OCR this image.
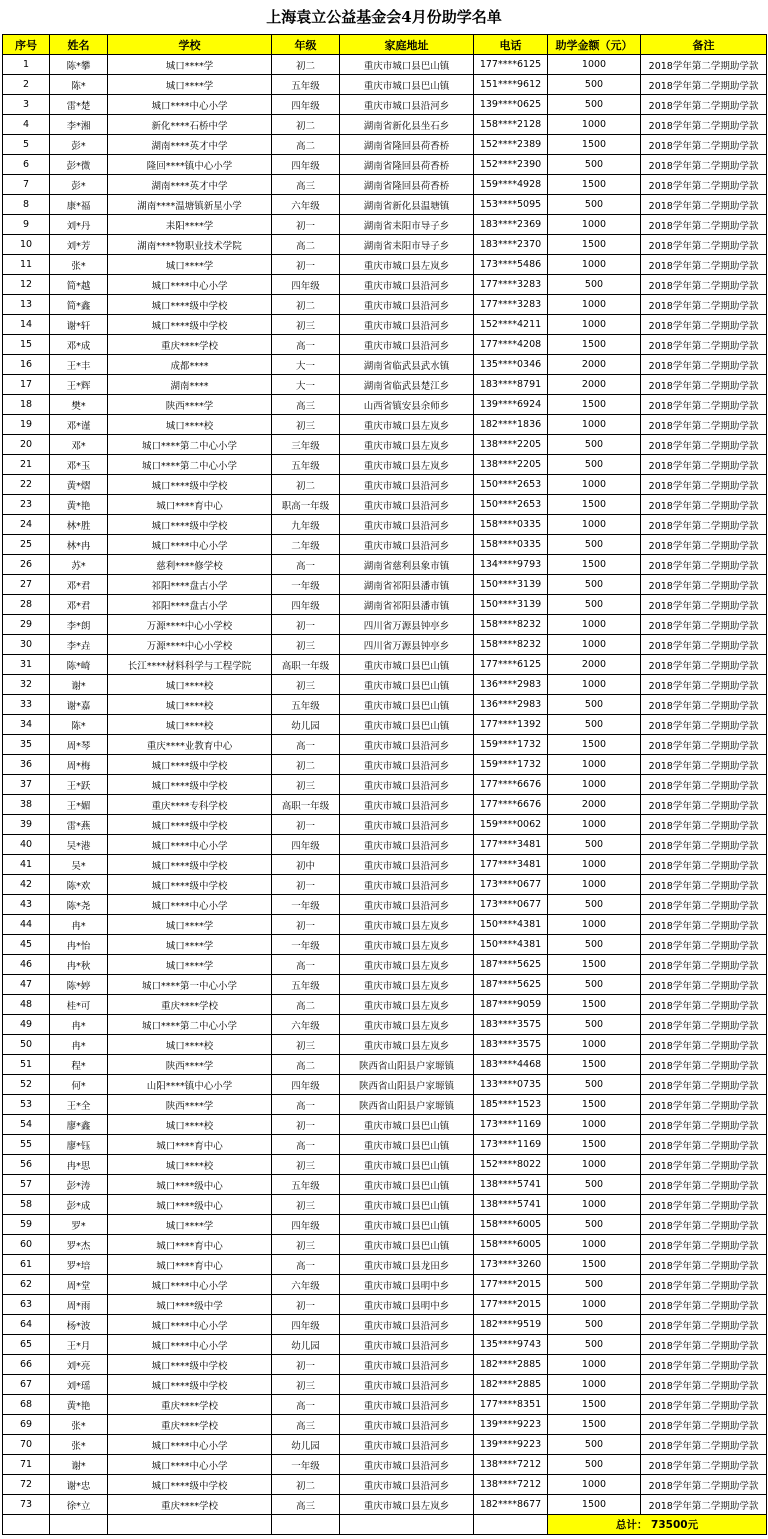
上海袁立公益基金会4月份助学名单
序号	姓名	学校	年级	家庭地址	电话	助学金额（元）	备注
1	陈*攀	城口****学	初二	重庆市城口县巴山镇	177****6125	1000	2018学年第二学期助学款
2	陈*	城口****学	五年级	重庆市城口县巴山镇	151****9612	500	2018学年第二学期助学款
3	雷*楚	城口****中心小学	四年级	重庆市城口县沿河乡	139****0625	500	2018学年第二学期助学款
4	李*湘	新化****石桥中学	初二	湖南省新化县坐石乡	158****2128	1000	2018学年第二学期助学款
5	彭*	湖南****英才中学	高二	湖南省隆回县荷香桥	152****2389	1500	2018学年第二学期助学款
6	彭*微	隆回****镇中心小学	四年级	湖南省隆回县荷香桥	152****2390	500	2018学年第二学期助学款
7	彭*	湖南****英才中学	高三	湖南省隆回县荷香桥	159****4928	1500	2018学年第二学期助学款
8	康*福	湖南****温塘镇新星小学	六年级	湖南省新化县温塘镇	153****5095	500	2018学年第二学期助学款
9	刘*丹	耒阳****学	初一	湖南省耒阳市导子乡	183****2369	1000	2018学年第二学期助学款
10	刘*芳	湖南****物职业技术学院	高二	湖南省耒阳市导子乡	183****2370	1500	2018学年第二学期助学款
11	张*	城口****学	初一	重庆市城口县左岚乡	173****5486	1000	2018学年第二学期助学款
12	简*越	城口****中心小学	四年级	重庆市城口县沿河乡	177****3283	500	2018学年第二学期助学款
13	简*鑫	城口****级中学校	初二	重庆市城口县沿河乡	177****3283	1000	2018学年第二学期助学款
14	谢*轩	城口****级中学校	初三	重庆市城口县沿河乡	152****4211	1000	2018学年第二学期助学款
15	邓*成	重庆****学校	高一	重庆市城口县沿河乡	177****4208	1500	2018学年第二学期助学款
16	王*丰	成都****	大一	湖南省临武县武水镇	135****0346	2000	2018学年第二学期助学款
17	王*辉	湖南****	大一	湖南省临武县楚江乡	183****8791	2000	2018学年第二学期助学款
18	樊*	陕西****学	高三	山西省镇安县余师乡	139****6924	1500	2018学年第二学期助学款
19	邓*谨	城口****校	初三	重庆市城口县左岚乡	182****1836	1000	2018学年第二学期助学款
20	邓*	城口****第二中心小学	三年级	重庆市城口县左岚乡	138****2205	500	2018学年第二学期助学款
21	邓*玉	城口****第二中心小学	五年级	重庆市城口县左岚乡	138****2205	500	2018学年第二学期助学款
22	黄*熠	城口****级中学校	初二	重庆市城口县沿河乡	150****2653	1000	2018学年第二学期助学款
23	黄*艳	城口****育中心	职高一年级	重庆市城口县沿河乡	150****2653	1500	2018学年第二学期助学款
24	林*胜	城口****级中学校	九年级	重庆市城口县沿河乡	158****0335	1000	2018学年第二学期助学款
25	林*冉	城口****中心小学	二年级	重庆市城口县沿河乡	158****0335	500	2018学年第二学期助学款
26	苏*	慈利****修学校	高一	湖南省慈利县象市镇	134****9793	1500	2018学年第二学期助学款
27	邓*君	祁阳****盘古小学	一年级	湖南省祁阳县潘市镇	150****3139	500	2018学年第二学期助学款
28	邓*君	祁阳****盘古小学	四年级	湖南省祁阳县潘市镇	150****3139	500	2018学年第二学期助学款
29	李*朗	万源****中心小学校	初一	四川省万源县钟亭乡	158****8232	1000	2018学年第二学期助学款
30	李*垚	万源****中心小学校	初三	四川省万源县钟亭乡	158****8232	1000	2018学年第二学期助学款
31	陈*崎	长江****材料科学与工程学院	高职一年级	重庆市城口县巴山镇	177****6125	2000	2018学年第二学期助学款
32	谢*	城口****校	初三	重庆市城口县巴山镇	136****2983	1000	2018学年第二学期助学款
33	谢*嘉	城口****校	五年级	重庆市城口县巴山镇	136****2983	500	2018学年第二学期助学款
34	陈*	城口****校	幼儿园	重庆市城口县巴山镇	177****1392	500	2018学年第二学期助学款
35	周*琴	重庆****业教育中心	高一	重庆市城口县沿河乡	159****1732	1500	2018学年第二学期助学款
36	周*梅	城口****级中学校	初二	重庆市城口县沿河乡	159****1732	1000	2018学年第二学期助学款
37	王*跃	城口****级中学校	初三	重庆市城口县沿河乡	177****6676	1000	2018学年第二学期助学款
38	王*媚	重庆****专科学校	高职一年级	重庆市城口县沿河乡	177****6676	2000	2018学年第二学期助学款
39	雷*燕	城口****级中学校	初一	重庆市城口县沿河乡	159****0062	1000	2018学年第二学期助学款
40	吴*港	城口****中心小学	四年级	重庆市城口县沿河乡	177****3481	500	2018学年第二学期助学款
41	吴*	城口****级中学校	初中	重庆市城口县沿河乡	177****3481	1000	2018学年第二学期助学款
42	陈*欢	城口****级中学校	初一	重庆市城口县沿河乡	173****0677	1000	2018学年第二学期助学款
43	陈*尧	城口****中心小学	一年级	重庆市城口县沿河乡	173****0677	500	2018学年第二学期助学款
44	冉*	城口****学	初一	重庆市城口县左岚乡	150****4381	1000	2018学年第二学期助学款
45	冉*怡	城口****学	一年级	重庆市城口县左岚乡	150****4381	500	2018学年第二学期助学款
46	冉*秋	城口****学	高一	重庆市城口县左岚乡	187****5625	1500	2018学年第二学期助学款
47	陈*婷	城口****第一中心小学	五年级	重庆市城口县左岚乡	187****5625	500	2018学年第二学期助学款
48	桂*可	重庆****学校	高二	重庆市城口县左岚乡	187****9059	1500	2018学年第二学期助学款
49	冉*	城口****第二中心小学	六年级	重庆市城口县左岚乡	183****3575	500	2018学年第二学期助学款
50	冉*	城口****校	初三	重庆市城口县左岚乡	183****3575	1000	2018学年第二学期助学款
51	程*	陕西****学	高二	陕西省山阳县户家塬镇	183****4468	1500	2018学年第二学期助学款
52	何*	山阳****镇中心小学	四年级	陕西省山阳县户家塬镇	133****0735	500	2018学年第二学期助学款
53	王*全	陕西****学	高一	陕西省山阳县户家塬镇	185****1523	1500	2018学年第二学期助学款
54	廖*鑫	城口****校	初一	重庆市城口县巴山镇	173****1169	1000	2018学年第二学期助学款
55	廖*钰	城口****育中心	高一	重庆市城口县巴山镇	173****1169	1500	2018学年第二学期助学款
56	冉*思	城口****校	初三	重庆市城口县巴山镇	152****8022	1000	2018学年第二学期助学款
57	彭*涛	城口****级中心	五年级	重庆市城口县巴山镇	138****5741	500	2018学年第二学期助学款
58	彭*成	城口****级中心	初三	重庆市城口县巴山镇	138****5741	1000	2018学年第二学期助学款
59	罗*	城口****学	四年级	重庆市城口县巴山镇	158****6005	500	2018学年第二学期助学款
60	罗*杰	城口****育中心	初三	重庆市城口县巴山镇	158****6005	1000	2018学年第二学期助学款
61	罗*培	城口****育中心	高一	重庆市城口县龙田乡	173****3260	1500	2018学年第二学期助学款
62	周*堂	城口****中心小学	六年级	重庆市城口县明中乡	177****2015	500	2018学年第二学期助学款
63	周*雨	城口****级中学	初一	重庆市城口县明中乡	177****2015	1000	2018学年第二学期助学款
64	杨*波	城口****中心小学	四年级	重庆市城口县沿河乡	182****9519	500	2018学年第二学期助学款
65	王*月	城口****中心小学	幼儿园	重庆市城口县沿河乡	135****9743	500	2018学年第二学期助学款
66	刘*亮	城口****级中学校	初一	重庆市城口县沿河乡	182****2885	1000	2018学年第二学期助学款
67	刘*瑶	城口****级中学校	初三	重庆市城口县沿河乡	182****2885	1000	2018学年第二学期助学款
68	黄*艳	重庆****学校	高一	重庆市城口县沿河乡	177****8351	1500	2018学年第二学期助学款
69	张*	重庆****学校	高三	重庆市城口县沿河乡	139****9223	1500	2018学年第二学期助学款
70	张*	城口****中心小学	幼儿园	重庆市城口县沿河乡	139****9223	500	2018学年第二学期助学款
71	谢*	城口****中心小学	一年级	重庆市城口县沿河乡	138****7212	500	2018学年第二学期助学款
72	谢*忠	城口****级中学校	初二	重庆市城口县沿河乡	138****7212	1000	2018学年第二学期助学款
73	徐*立	重庆****学校	高三	重庆市城口县左岚乡	182****8677	1500	2018学年第二学期助学款
						总计： 73500元	
